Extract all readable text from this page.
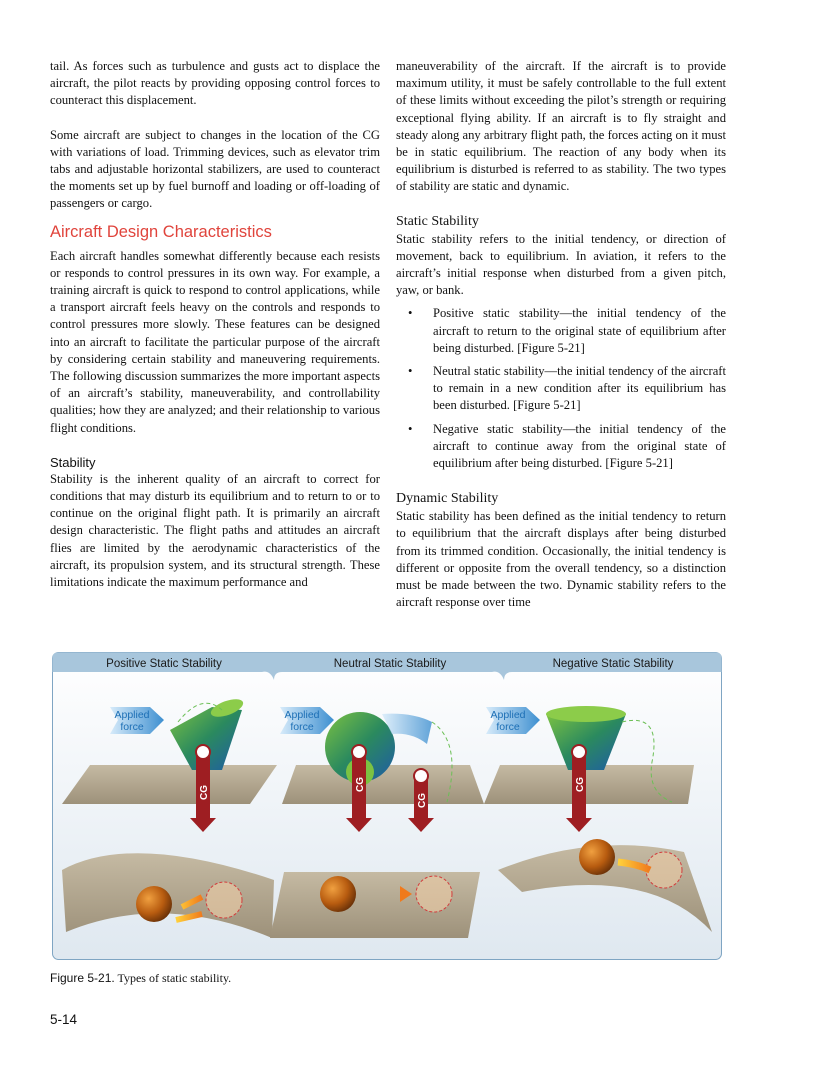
tail. As forces such as turbulence and gusts act to displace the aircraft, the pilot reacts by providing opposing control forces to counteract this displacement.

Some aircraft are subject to changes in the location of the CG with variations of load. Trimming devices, such as elevator trim tabs and adjustable horizontal stabilizers, are used to counteract the moments set up by fuel burnoff and loading or off-loading of passengers or cargo.

Aircraft Design Characteristics

Each aircraft handles somewhat differently because each resists or responds to control pressures in its own way. For example, a training aircraft is quick to respond to control applications, while a transport aircraft feels heavy on the controls and responds to control pressures more slowly. These features can be designed into an aircraft to facilitate the particular purpose of the aircraft by considering certain stability and maneuvering requirements. The following discussion summarizes the more important aspects of an aircraft’s stability, maneuverability, and controllability qualities; how they are analyzed; and their relationship to various flight conditions.

Stability

Stability is the inherent quality of an aircraft to correct for conditions that may disturb its equilibrium and to return to or to continue on the original flight path. It is primarily an aircraft design characteristic. The flight paths and attitudes an aircraft flies are limited by the aerodynamic characteristics of the aircraft, its propulsion system, and its structural strength. These limitations indicate the maximum performance and

maneuverability of the aircraft. If the aircraft is to provide maximum utility, it must be safely controllable to the full extent of these limits without exceeding the pilot’s strength or requiring exceptional flying ability. If an aircraft is to fly straight and steady along any arbitrary flight path, the forces acting on it must be in static equilibrium. The reaction of any body when its equilibrium is disturbed is referred to as stability. The two types of stability are static and dynamic.

Static Stability

Static stability refers to the initial tendency, or direction of movement, back to equilibrium. In aviation, it refers to the aircraft’s initial response when disturbed from a given pitch, yaw, or bank.

• Positive static stability—the initial tendency of the aircraft to return to the original state of equilibrium after being disturbed. [Figure 5-21]
• Neutral static stability—the initial tendency of the aircraft to remain in a new condition after its equilibrium has been disturbed. [Figure 5-21]
• Negative static stability—the initial tendency of the aircraft to continue away from the original state of equilibrium after being disturbed. [Figure 5-21]
Dynamic Stability

Static stability has been defined as the initial tendency to return to equilibrium that the aircraft displays after being disturbed from its trimmed condition. Occasionally, the initial tendency is different or opposite from the overall tendency, so a distinction must be made between the two. Dynamic stability refers to the aircraft response over time

Positive Static Stability	Neutral Static Stability	Negative Static Stability
Applied
force
CG
Applied
force
CG
CG
Applied
force
CG
Figure 5-21. Types of static stability.
5-14
